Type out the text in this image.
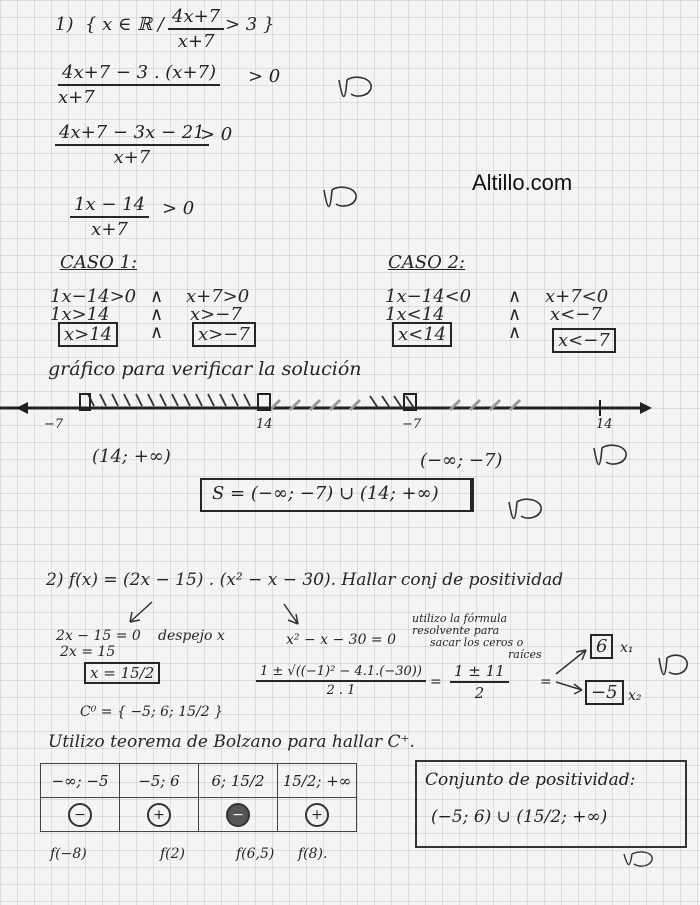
Altillo.com
1) { x ∈ ℝ / $\frac{4x+7}{x+7} > 3$ }
$\frac{4x+7 - 3 . (x+7)}{x+7} > 0$
$\frac{4x+7 - 3x - 21}{x+7}$
> 0
$\frac{1x - 14}{x+7} > 0$
CASO 1:	CASO 2:
1x−14>0 ∧ x+7>0
1x>14 ∧ x>−7
x>14	∧	x>−7
1x−14<0 ∧ x+7<0
1x<14	∧ x<−7
x<14	∧	x<−7
gráfico para verificar la solución
−7	14	−7	14
(14; +∞)	(−∞; −7)
S = (−∞; −7) ∪ (14; +∞)
2) f(x) = (2x − 15) . (x² − x − 30). Hallar conj de positividad
2x − 15 = 0 despejo x
2x = 15
x = 15/2
x² − x − 30 = 0
utilizo la fórmula
resolvente para
sacar los ceros o
raíces
$\frac{\text{1 ± √((−1)² − 4.1.(−30))}}{2 . 1} = \frac{1 \pm 11}{2}$ =
6 x₁
−5 x₂
C⁰ = { −5; 6; 15/2 }
Utilizo teorema de Bolzano para hallar C⁺.
−∞; −5	−5; 6	6; 15/2	15/2; +∞
−	+	−	+
f(−8)	f(2)	f(6,5) f(8).
Conjunto de positividad:
(−5; 6) ∪ (15/2; +∞)
